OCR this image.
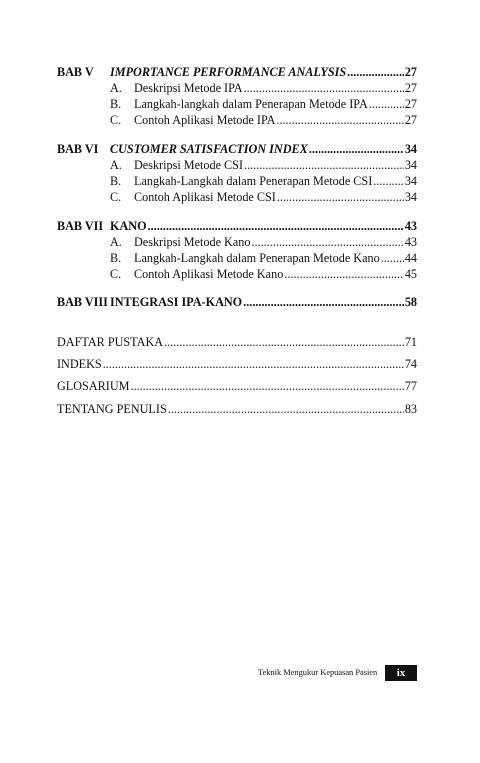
BAB V	IMPORTANCE PERFORMANCE ANALYSIS .....	27
A. Deskripsi Metode IPA .....	27
B.	Langkah-langkah dalam Penerapan Metode IPA .....	27
C.	Contoh Aplikasi Metode IPA .....	27
BAB VI CUSTOMER SATISFACTION INDEX .....	34
A. Deskripsi Metode CSI .....	34
B.	Langkah-Langkah dalam Penerapan Metode CSI .....	34
C.	Contoh Aplikasi Metode CSI .....	34
BAB VII KANO .....	43
A. Deskripsi Metode Kano .....	43
B.	Langkah-Langkah dalam Penerapan Metode Kano ..... 44
C.	Contoh Aplikasi Metode Kano .....	45
BAB VIII INTEGRASI IPA-KANO .....	58
DAFTAR PUSTAKA .....	71
INDEKS .....	74
GLOSARIUM .....	77
TENTANG PENULIS .....	83
Teknik Mengukur Kepuasan Pasien	ix
